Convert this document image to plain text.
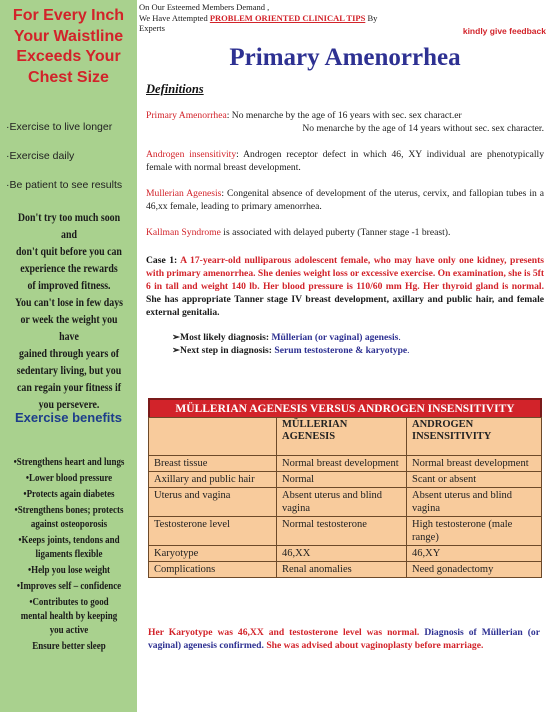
For Every Inch
Your Waistline
Exceeds Your
Chest Size
·Exercise to live longer
·Exercise daily
·Be patient to see results
Don't try too much soon and
don't quit before you can
experience the rewards
of improved fitness.
You can't lose in few days
or week the weight you have
gained through years of
sedentary living, but you
can regain your fitness if
you persevere.
Exercise benefits
•Strengthens heart and lungs
•Lower blood pressure
•Protects again diabetes
•Strengthens bones; protects
against osteoporosis
•Keeps joints, tendons and
ligaments flexible
•Help you lose weight
•Improves self – confidence
•Contributes to good
mental health by keeping
you active
Ensure better sleep
On Our Esteemed Members Demand ,
We Have Attempted PROBLEM ORIENTED CLINICAL TIPS By Experts	kindly give feedback
Primary Amenorrhea
Definitions

Primary Amenorrhea: No menarche by the age of 16 years with sec. sex charact.er
No menarche by the age of 14 years without sec. sex character.

Androgen insensitivity: Androgen receptor defect in which 46, XY individual are phenotypically female with normal breast development.

Mullerian Agenesis: Congenital absence of development of the uterus, cervix, and fallopian tubes in a 46,xx female, leading to primary amenorrhea.

Kallman Syndrome is associated with delayed puberty (Tanner stage -1 breast).

Case 1: A 17-yearr-old nulliparous adolescent female, who may have only one kidney, presents with primary amenorrhea. She denies weight loss or excessive exercise. On examination, she is 5ft 6 in tall and weight 140 lb. Her blood pressure is 110/60 mm Hg. Her thyroid gland is normal. She has appropriate Tanner stage IV breast development, axillary and public hair, and female external genitalia.

➢Most likely diagnosis: Müllerian (or vaginal) agenesis.
➢Next step in diagnosis: Serum testosterone & karyotype.
MÜLLERIAN AGENESIS VERSUS ANDROGEN INSENSITIVITY
	MÜLLERIAN AGENESIS	ANDROGEN INSENSITIVITY
Breast tissue	Normal breast development	Normal breast development
Axillary and public hair	Normal	Scant or absent
Uterus and vagina	Absent uterus and blind vagina	Absent uterus and blind vagina
Testosterone level	Normal testosterone	High testosterone (male range)
Karyotype	46,XX	46,XY
Complications	Renal anomalies	Need gonadectomy

Her Karyotype was 46,XX and testosterone level was normal. Diagnosis of Müllerian (or vaginal) agenesis confirmed. She was advised about vaginoplasty before marriage.
